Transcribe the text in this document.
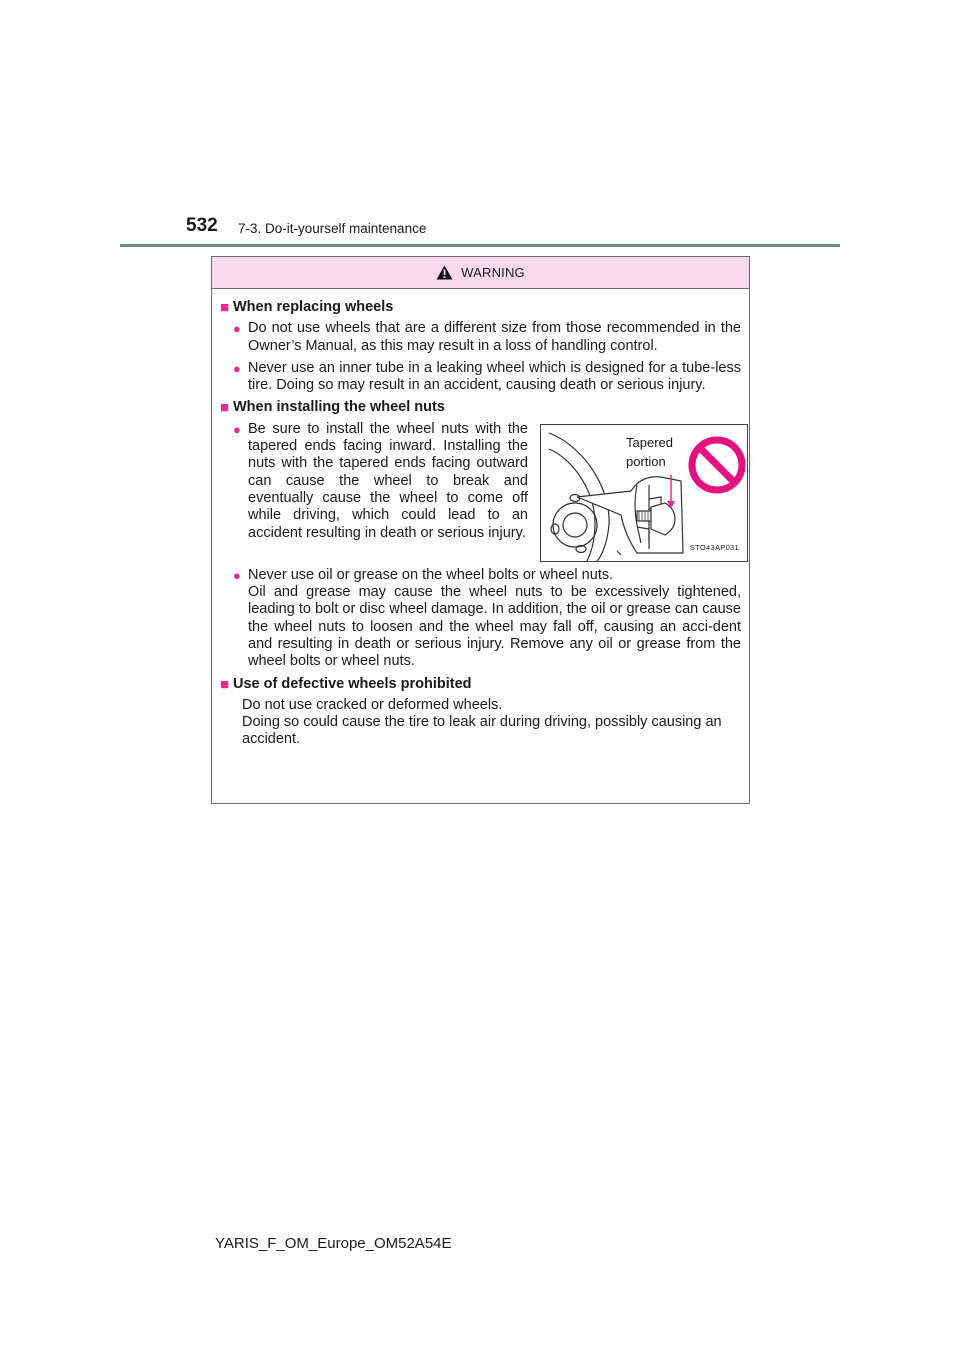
532 7-3. Do-it-yourself maintenance
WARNING
■ When replacing wheels
● Do not use wheels that are a different size from those recommended in the Owner’s Manual, as this may result in a loss of handling control.
● Never use an inner tube in a leaking wheel which is designed for a tube-less tire. Doing so may result in an accident, causing death or serious injury.
■ When installing the wheel nuts
● Be sure to install the wheel nuts with the tapered ends facing inward. Installing the nuts with the tapered ends facing outward can cause the wheel to break and eventually cause the wheel to come off while driving, which could lead to an accident resulting in death or serious injury.
Tapered
portion
STO43AP031
● Never use oil or grease on the wheel bolts or wheel nuts.
Oil and grease may cause the wheel nuts to be excessively tightened, leading to bolt or disc wheel damage. In addition, the oil or grease can cause the wheel nuts to loosen and the wheel may fall off, causing an acci-dent and resulting in death or serious injury. Remove any oil or grease from the wheel bolts or wheel nuts.
■ Use of defective wheels prohibited
Do not use cracked or deformed wheels.
Doing so could cause the tire to leak air during driving, possibly causing an accident.
YARIS_F_OM_Europe_OM52A54E
